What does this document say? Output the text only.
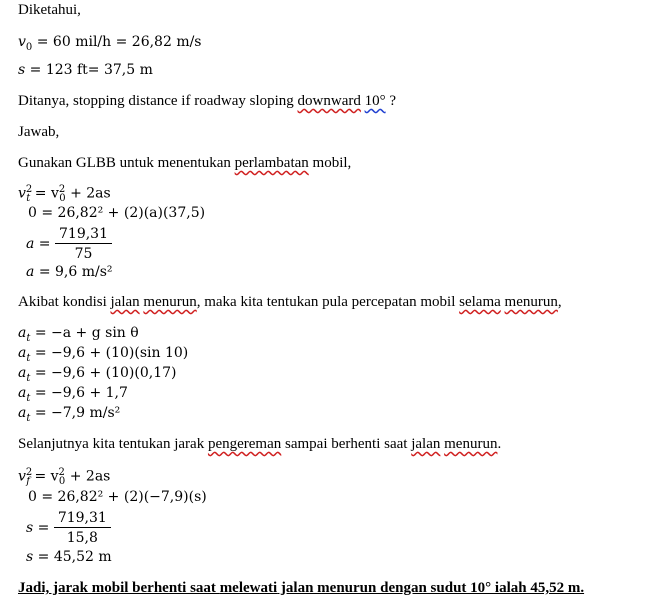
Diketahui,
$v_0 = 60$ mil/h = 26,82 m/s
s = 123 ft= 37,5 m
Ditanya, stopping distance if roadway sloping downward 10° ?
Jawab,
Gunakan GLBB untuk menentukan perlambatan mobil,
$v^2_t = v^2_0 + 2as$
0 = 26,82² + (2)(a)(37,5)
$a = \frac{719,31}{75}$
a = 9,6 m/s²
Akibat kondisi jalan menurun, maka kita tentukan pula percepatan mobil selama menurun,
$a_t = -a + g$ sin θ
$a_t = -9,6 + (10)(\sin$ 10)
$a_t = -9,6 + (10)(0,17)$
$a_t = -9,6 + 1,7$
$a_t = -7,9$ m/s²
Selanjutnya kita tentukan jarak pengereman sampai berhenti saat jalan menurun.
$v^2_f = v^2_0 + 2as$
0 = 26,82² + (2)(−7,9)(s)
$s = \frac{719,31}{15,8}$
s = 45,52 m
Jadi, jarak mobil berhenti saat melewati jalan menurun dengan sudut 10° ialah 45,52 m.
